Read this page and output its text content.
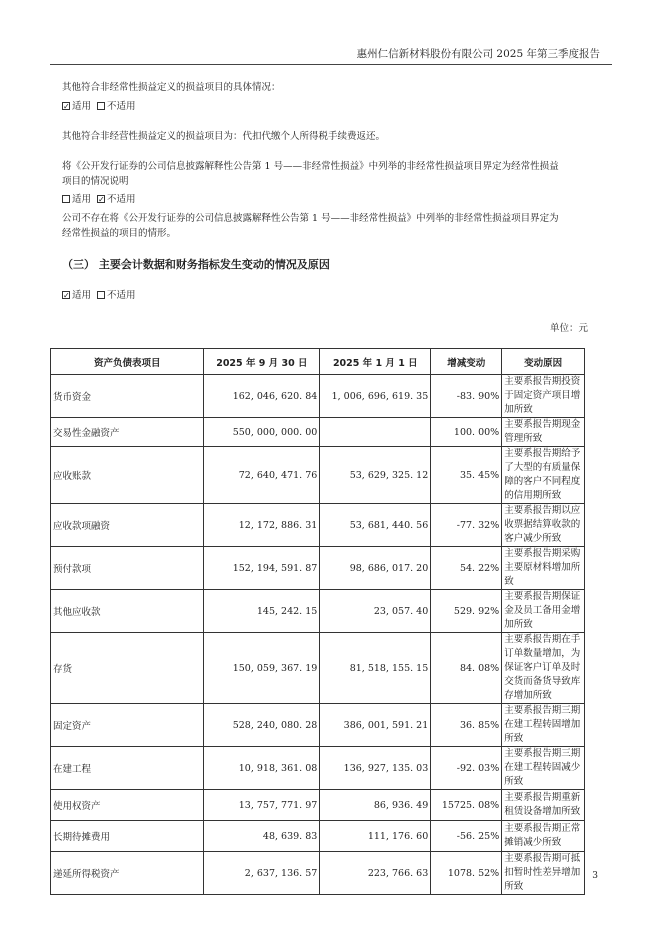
惠州仁信新材料股份有限公司 2025 年第三季度报告
其他符合非经常性损益定义的损益项目的具体情况：
✓适用 不适用
其他符合非经营性损益定义的损益项目为：代扣代缴个人所得税手续费返还。
将《公开发行证券的公司信息披露解释性公告第 1 号——非经常性损益》中列举的非经常性损益项目界定为经常性损益
项目的情况说明
适用 ✓ 不适用
公司不存在将《公开发行证券的公司信息披露解释性公告第 1 号——非经常性损益》中列举的非经常性损益项目界定为
经常性损益的项目的情形。
（三） 主要会计数据和财务指标发生变动的情况及原因
✓适用 不适用
单位：元
资产负债表项目	2025 年 9 月 30 日	2025 年 1 月 1 日	增减变动	变动原因
货币资金	162, 046, 620. 84	1, 006, 696, 619. 35	-83. 90%	主要系报告期投资于固定资产项目增加所致
交易性金融资产	550, 000, 000. 00		100. 00%	主要系报告期现金管理所致
应收账款	72, 640, 471. 76	53, 629, 325. 12	35. 45%	主要系报告期给予了大型的有质量保障的客户不同程度的信用期所致
应收款项融资	12, 172, 886. 31	53, 681, 440. 56	-77. 32%	主要系报告期以应收票据结算收款的客户减少所致
预付款项	152, 194, 591. 87	98, 686, 017. 20	54. 22%	主要系报告期采购主要原材料增加所致
其他应收款	145, 242. 15	23, 057. 40	529. 92%	主要系报告期保证金及员工备用金增加所致
存货	150, 059, 367. 19	81, 518, 155. 15	84. 08%	主要系报告期在手订单数量增加，为保证客户订单及时交货而备货导致库存增加所致
固定资产	528, 240, 080. 28	386, 001, 591. 21	36. 85%	主要系报告期三期在建工程转固增加所致
在建工程	10, 918, 361. 08	136, 927, 135. 03	-92. 03%	主要系报告期三期在建工程转固减少所致
使用权资产	13, 757, 771. 97	86, 936. 49	15725. 08%	主要系报告期重新租赁设备增加所致
长期待摊费用	48, 639. 83	111, 176. 60	-56. 25%	主要系报告期正常摊销减少所致
递延所得税资产	2, 637, 136. 57	223, 766. 63	1078. 52%	主要系报告期可抵扣暂时性差异增加所致
3
